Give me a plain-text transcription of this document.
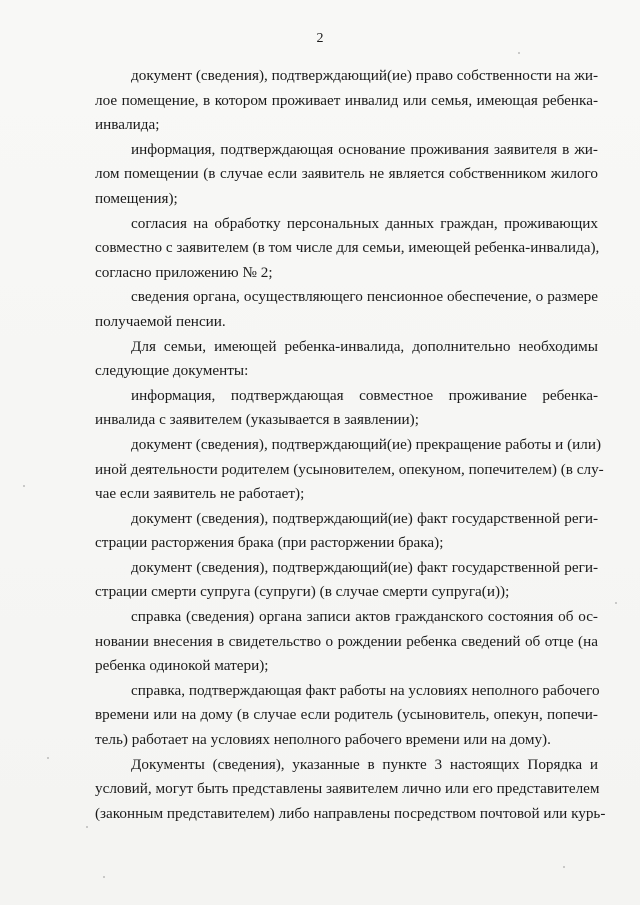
2
документ (сведения), подтверждающий(ие) право собственности на жи-
лое помещение, в котором проживает инвалид или семья, имеющая ребенка-
инвалида;
информация, подтверждающая основание проживания заявителя в жи-
лом помещении (в случае если заявитель не является собственником жилого
помещения);
согласия на обработку персональных данных граждан, проживающих
совместно с заявителем (в том числе для семьи, имеющей ребенка-инвалида),
согласно приложению № 2;
сведения органа, осуществляющего пенсионное обеспечение, о размере
получаемой пенсии.
Для семьи, имеющей ребенка-инвалида, дополнительно необходимы
следующие документы:
информация, подтверждающая совместное проживание ребенка-
инвалида с заявителем (указывается в заявлении);
документ (сведения), подтверждающий(ие) прекращение работы и (или)
иной деятельности родителем (усыновителем, опекуном, попечителем) (в слу-
чае если заявитель не работает);
документ (сведения), подтверждающий(ие) факт государственной реги-
страции расторжения брака (при расторжении брака);
документ (сведения), подтверждающий(ие) факт государственной реги-
страции смерти супруга (супруги) (в случае смерти супруга(и));
справка (сведения) органа записи актов гражданского состояния об ос-
новании внесения в свидетельство о рождении ребенка сведений об отце (на
ребенка одинокой матери);
справка, подтверждающая факт работы на условиях неполного рабочего
времени или на дому (в случае если родитель (усыновитель, опекун, попечи-
тель) работает на условиях неполного рабочего времени или на дому).
Документы (сведения), указанные в пункте 3 настоящих Порядка и
условий, могут быть представлены заявителем лично или его представителем
(законным представителем) либо направлены посредством почтовой или курь-
